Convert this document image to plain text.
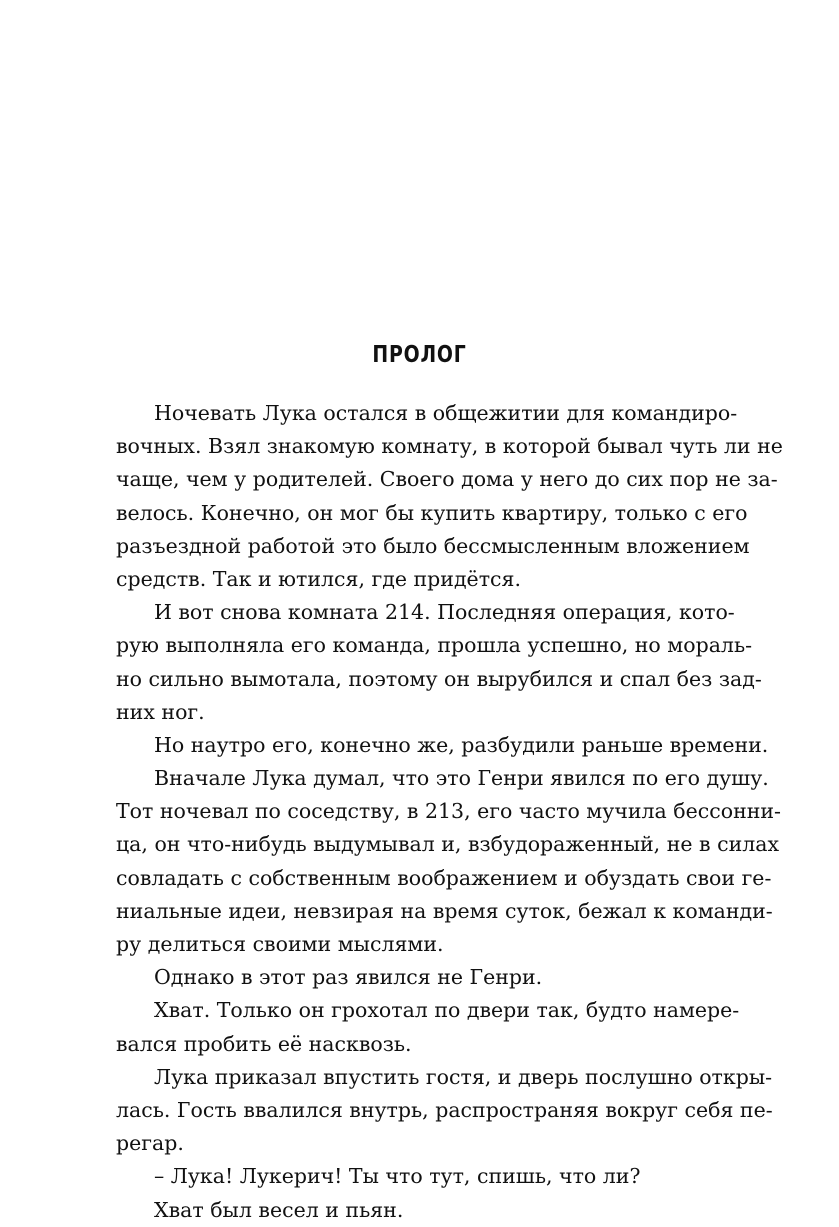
ПРОЛОГ
Ночевать Лука остался в общежитии для командиро-
вочных. Взял знакомую комнату, в которой бывал чуть ли не
чаще, чем у родителей. Своего дома у него до сих пор не за-
велось. Конечно, он мог бы купить квартиру, только с его
разъездной работой это было бессмысленным вложением
средств. Так и ютился, где придётся.
И вот снова комната 214. Последняя операция, кото-
рую выполняла его команда, прошла успешно, но мораль-
но сильно вымотала, поэтому он вырубился и спал без зад-
них ног.
Но наутро его, конечно же, разбудили раньше времени.
Вначале Лука думал, что это Генри явился по его душу.
Тот ночевал по соседству, в 213, его часто мучила бессонни-
ца, он что-нибудь выдумывал и, взбудораженный, не в силах
совладать с собственным воображением и обуздать свои ге-
ниальные идеи, невзирая на время суток, бежал к команди-
ру делиться своими мыслями.
Однако в этот раз явился не Генри.
Хват. Только он грохотал по двери так, будто намере-
вался пробить её насквозь.
Лука приказал впустить гостя, и дверь послушно откры-
лась. Гость ввалился внутрь, распространяя вокруг себя пе-
регар.
– Лука! Лукерич! Ты что тут, спишь, что ли?
Хват был весел и пьян.
